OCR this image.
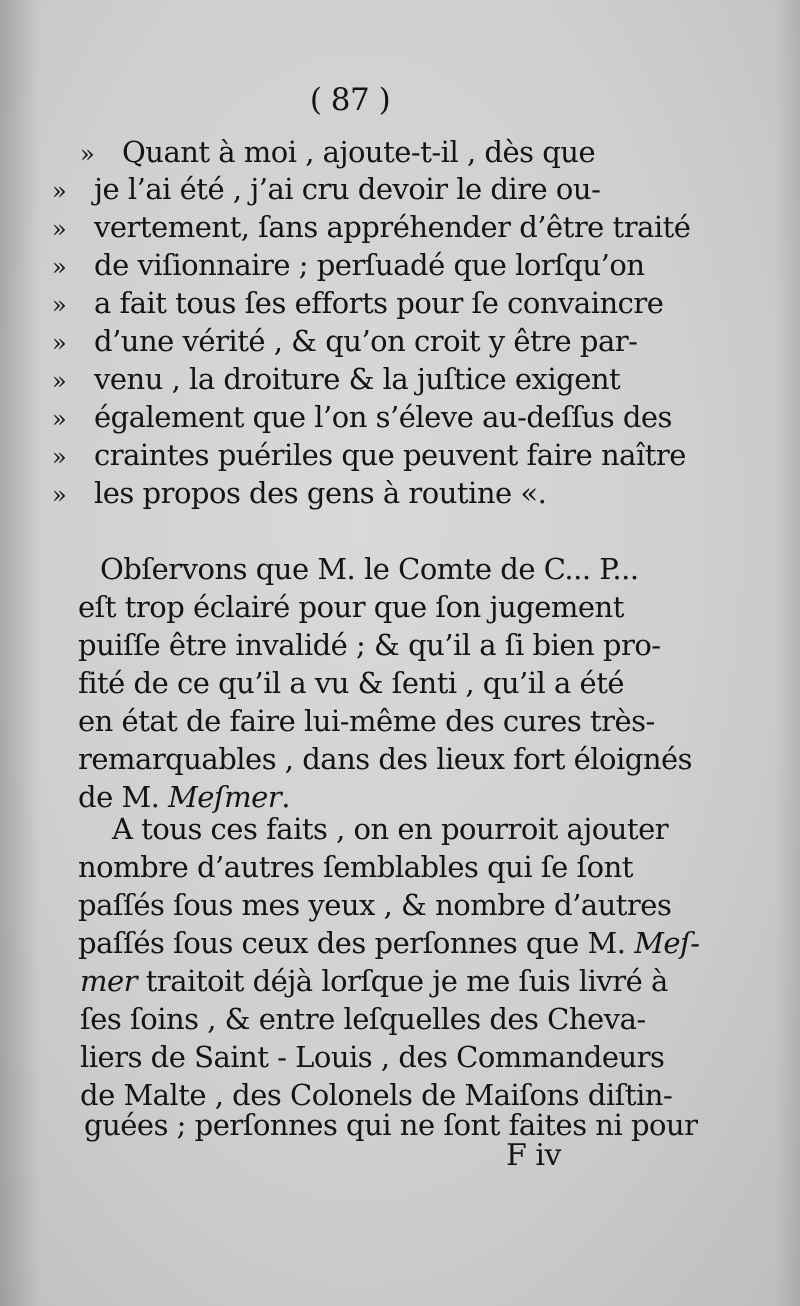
( 87 )
» Quant à moi , ajoute-t-il , dès que
» je l’ai été , j’ai cru devoir le dire ou-
» vertement, ſans appréhender d’être traité
» de viſionnaire ; perſuadé que lorſqu’on
» a fait tous ſes efforts pour ſe convaincre
» d’une vérité , & qu’on croit y être par-
» venu , la droiture & la juſtice exigent
» également que l’on s’éleve au-deſſus des
» craintes puériles que peuvent faire naître
» les propos des gens à routine «.
Obſervons que M. le Comte de C... P...
eſt trop éclairé pour que ſon jugement
puiſſe être invalidé ; & qu’il a ſi bien pro-
fité de ce qu’il a vu & ſenti , qu’il a été
en état de faire lui-même des cures très-
remarquables , dans des lieux fort éloignés
de M. Meſmer.
A tous ces faits , on en pourroit ajouter
nombre d’autres ſemblables qui ſe ſont
paſſés ſous mes yeux , & nombre d’autres
paſſés ſous ceux des perſonnes que M. Meſ-
mer traitoit déjà lorſque je me ſuis livré à
ſes ſoins , & entre leſquelles des Cheva-
liers de Saint - Louis , des Commandeurs
de Malte , des Colonels de Maiſons diſtin-
guées ; perſonnes qui ne ſont faites ni pour
F iv
